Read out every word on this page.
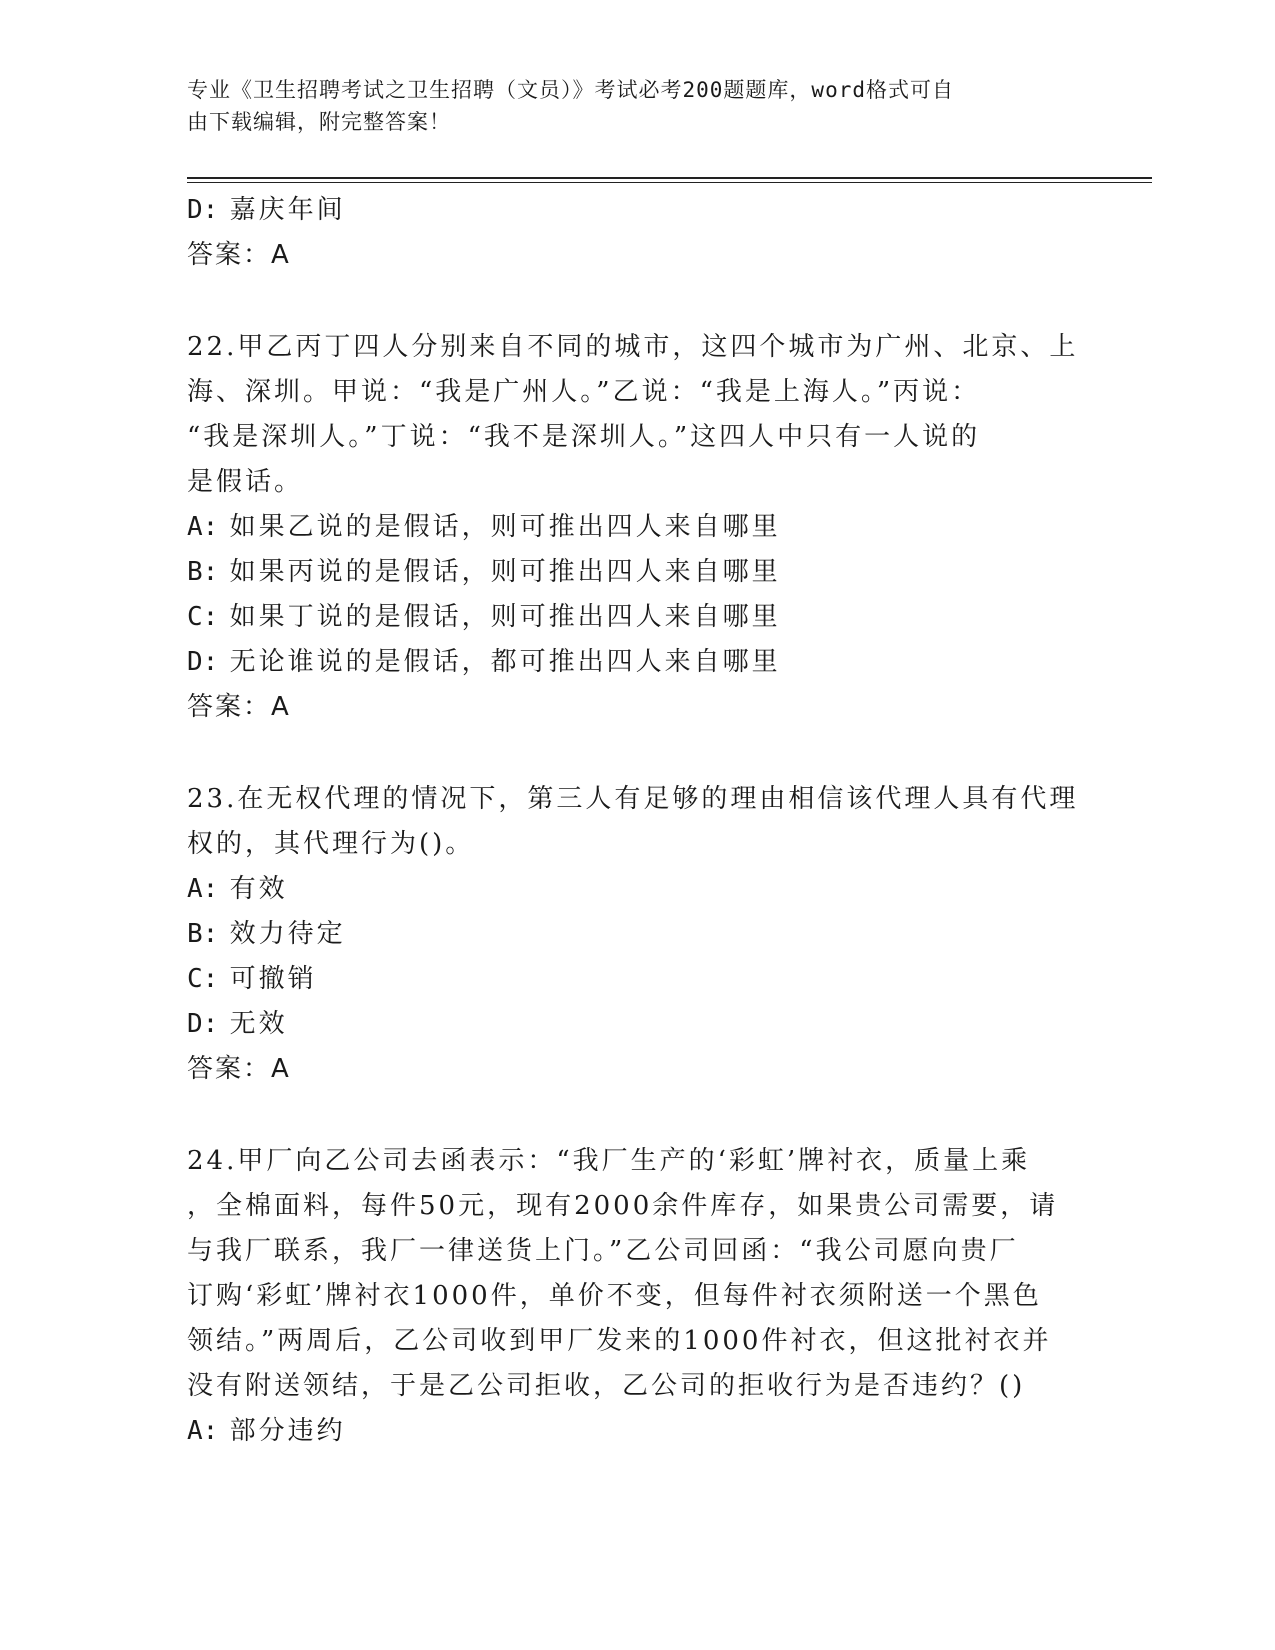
专业《卫生招聘考试之卫生招聘（文员）》考试必考200题题库，word格式可自
由下载编辑，附完整答案！
D: 嘉庆年间
答案：A
22.甲乙丙丁四人分别来自不同的城市，这四个城市为广州、北京、上
海、深圳。甲说：“我是广州人。”乙说：“我是上海人。”丙说：
“我是深圳人。”丁说：“我不是深圳人。”这四人中只有一人说的
是假话。
A: 如果乙说的是假话，则可推出四人来自哪里
B: 如果丙说的是假话，则可推出四人来自哪里
C: 如果丁说的是假话，则可推出四人来自哪里
D: 无论谁说的是假话，都可推出四人来自哪里
答案：A
23.在无权代理的情况下，第三人有足够的理由相信该代理人具有代理
权的，其代理行为()。
A: 有效
B: 效力待定
C: 可撤销
D: 无效
答案：A
24.甲厂向乙公司去函表示：“我厂生产的‘彩虹’牌衬衣，质量上乘
，全棉面料，每件50元，现有2000余件库存，如果贵公司需要，请
与我厂联系，我厂一律送货上门。”乙公司回函：“我公司愿向贵厂
订购‘彩虹’牌衬衣1000件，单价不变，但每件衬衣须附送一个黑色
领结。”两周后，乙公司收到甲厂发来的1000件衬衣，但这批衬衣并
没有附送领结，于是乙公司拒收，乙公司的拒收行为是否违约？()
A: 部分违约
